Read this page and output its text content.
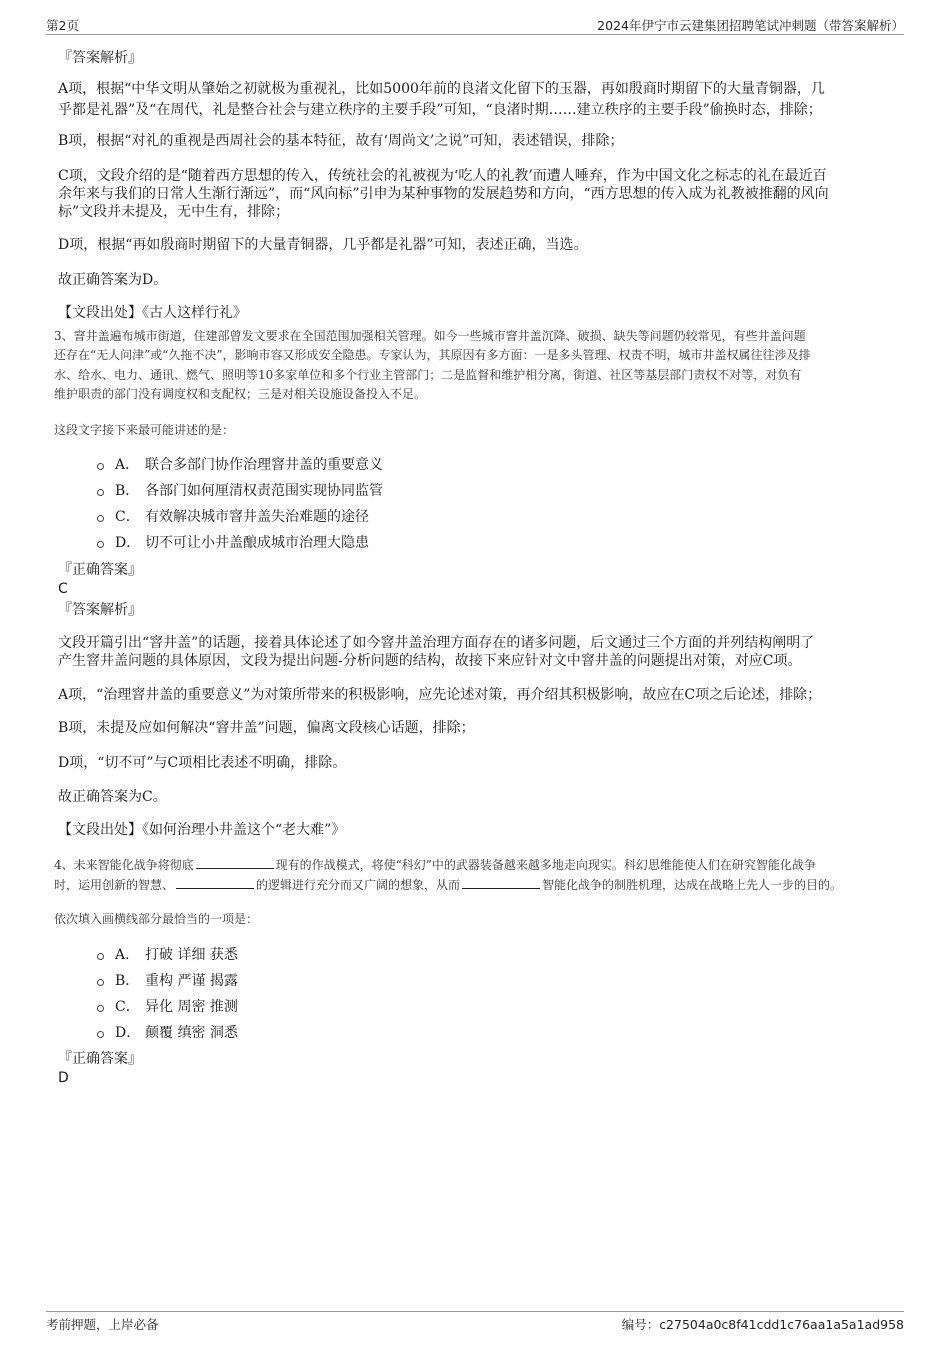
第2页	2024年伊宁市云建集团招聘笔试冲刺题（带答案解析）
『答案解析』
A项，根据“中华文明从肇始之初就极为重视礼，比如5000年前的良渚文化留下的玉器，再如殷商时期留下的大量青铜器，几
乎都是礼器”及“在周代，礼是整合社会与建立秩序的主要手段”可知，“良渚时期……建立秩序的主要手段”偷换时态，排除；
B项，根据“对礼的重视是西周社会的基本特征，故有‘周尚文’之说”可知，表述错误，排除；
C项，文段介绍的是“随着西方思想的传入，传统社会的礼被视为‘吃人的礼教’而遭人唾弃，作为中国文化之标志的礼在最近百
余年来与我们的日常人生渐行渐远”，而“风向标”引申为某种事物的发展趋势和方向，“西方思想的传入成为礼教被推翻的风向
标”文段并未提及，无中生有，排除；
D项，根据“再如殷商时期留下的大量青铜器，几乎都是礼器”可知，表述正确，当选。
故正确答案为D。
【文段出处】《古人这样行礼》
3、窨井盖遍布城市街道，住建部曾发文要求在全国范围加强相关管理。如今一些城市窨井盖沉降、破损、缺失等问题仍较常见，有些井盖问题
还存在“无人问津”或“久拖不决”，影响市容又形成安全隐患。专家认为，其原因有多方面：一是多头管理、权责不明，城市井盖权属往往涉及排
水、给水、电力、通讯、燃气、照明等10多家单位和多个行业主管部门；二是监督和维护相分离，街道、社区等基层部门责权不对等，对负有
维护职责的部门没有调度权和支配权；三是对相关设施设备投入不足。
这段文字接下来最可能讲述的是：
A． 联合多部门协作治理窨井盖的重要意义
B． 各部门如何厘清权责范围实现协同监管
C． 有效解决城市窨井盖失治难题的途径
D． 切不可让小井盖酿成城市治理大隐患
『正确答案』
C
『答案解析』
文段开篇引出“窨井盖”的话题，接着具体论述了如今窨井盖治理方面存在的诸多问题，后文通过三个方面的并列结构阐明了
产生窨井盖问题的具体原因，文段为提出问题-分析问题的结构，故接下来应针对文中窨井盖的问题提出对策，对应C项。
A项，“治理窨井盖的重要意义”为对策所带来的积极影响，应先论述对策，再介绍其积极影响，故应在C项之后论述，排除；
B项，未提及应如何解决“窨井盖”问题，偏离文段核心话题，排除；
D项，“切不可”与C项相比表述不明确，排除。
故正确答案为C。
【文段出处】《如何治理小井盖这个“老大难”》
4、未来智能化战争将彻底	现有的作战模式，将使“科幻”中的武器装备越来越多地走向现实。科幻思维能使人们在研究智能化战争
时，运用创新的智慧、	的逻辑进行充分而又广阔的想象，从而	智能化战争的制胜机理，达成在战略上先人一步的目的。
依次填入画横线部分最恰当的一项是：
A． 打破 详细 获悉
B． 重构 严谨 揭露
C． 异化 周密 推测
D． 颠覆 缜密 洞悉
『正确答案』
D
考前押题，上岸必备	编号：c27504a0c8f41cdd1c76aa1a5a1ad958
